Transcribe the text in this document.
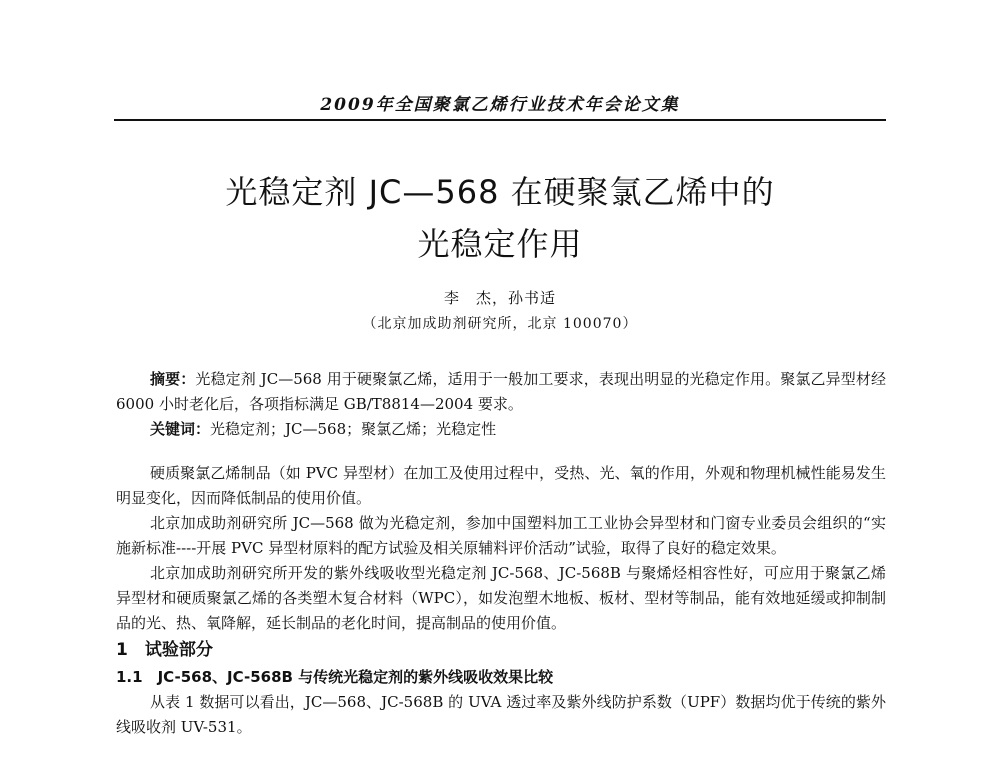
2009年全国聚氯乙烯行业技术年会论文集
光稳定剂 JC—568 在硬聚氯乙烯中的
光稳定作用
李　杰，孙书适
（北京加成助剂研究所，北京 100070）
摘要：光稳定剂 JC—568 用于硬聚氯乙烯，适用于一般加工要求，表现出明显的光稳定作用。聚氯乙异型材经 6000 小时老化后，各项指标满足 GB/T8814—2004 要求。
关键词：光稳定剂；JC—568；聚氯乙烯；光稳定性

硬质聚氯乙烯制品（如 PVC 异型材）在加工及使用过程中，受热、光、氧的作用，外观和物理机械性能易发生明显变化，因而降低制品的使用价值。

北京加成助剂研究所 JC—568 做为光稳定剂，参加中国塑料加工工业协会异型材和门窗专业委员会组织的“实施新标准----开展 PVC 异型材原料的配方试验及相关原辅料评价活动”试验，取得了良好的稳定效果。

北京加成助剂研究所开发的紫外线吸收型光稳定剂 JC-568、JC-568B 与聚烯烃相容性好，可应用于聚氯乙烯异型材和硬质聚氯乙烯的各类塑木复合材料（WPC），如发泡塑木地板、板材、型材等制品，能有效地延缓或抑制制品的光、热、氧降解，延长制品的老化时间，提高制品的使用价值。

1　试验部分
1.1　JC-568、JC-568B 与传统光稳定剂的紫外线吸收效果比较

从表 1 数据可以看出，JC—568、JC-568B 的 UVA 透过率及紫外线防护系数（UPF）数据均优于传统的紫外线吸收剂 UV-531。
